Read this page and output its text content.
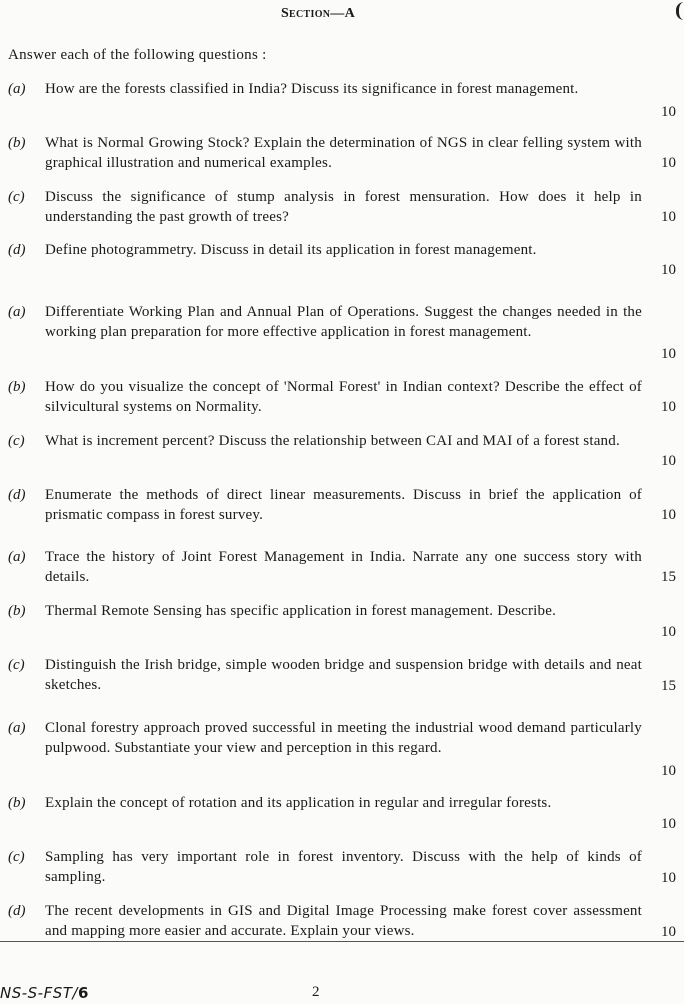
Section—A
Answer each of the following questions :
(a) How are the forests classified in India? Discuss its significance in forest management.
10
(b) What is Normal Growing Stock? Explain the determination of NGS in clear felling system with graphical illustration and numerical examples.	10
(c) Discuss the significance of stump analysis in forest mensuration. How does it help in understanding the past growth of trees?	10
(d) Define photogrammetry. Discuss in detail its application in forest management.
10
(a) Differentiate Working Plan and Annual Plan of Operations. Suggest the changes needed in the working plan preparation for more effective application in forest management.
10
(b) How do you visualize the concept of 'Normal Forest' in Indian context? Describe the effect of silvicultural systems on Normality.	10
(c) What is increment percent? Discuss the relationship between CAI and MAI of a forest stand.
10
(d) Enumerate the methods of direct linear measurements. Discuss in brief the application of prismatic compass in forest survey.	10
(a) Trace the history of Joint Forest Management in India. Narrate any one success story with details.	15
(b) Thermal Remote Sensing has specific application in forest management. Describe.
10
(c) Distinguish the Irish bridge, simple wooden bridge and suspension bridge with details and neat sketches.	15
(a) Clonal forestry approach proved successful in meeting the industrial wood demand particularly pulpwood. Substantiate your view and perception in this regard.
10
(b) Explain the concept of rotation and its application in regular and irregular forests.
10
(c) Sampling has very important role in forest inventory. Discuss with the help of kinds of sampling.	10
(d) The recent developments in GIS and Digital Image Processing make forest cover assessment and mapping more easier and accurate. Explain your views.	10
NS-S-FST/6	2
